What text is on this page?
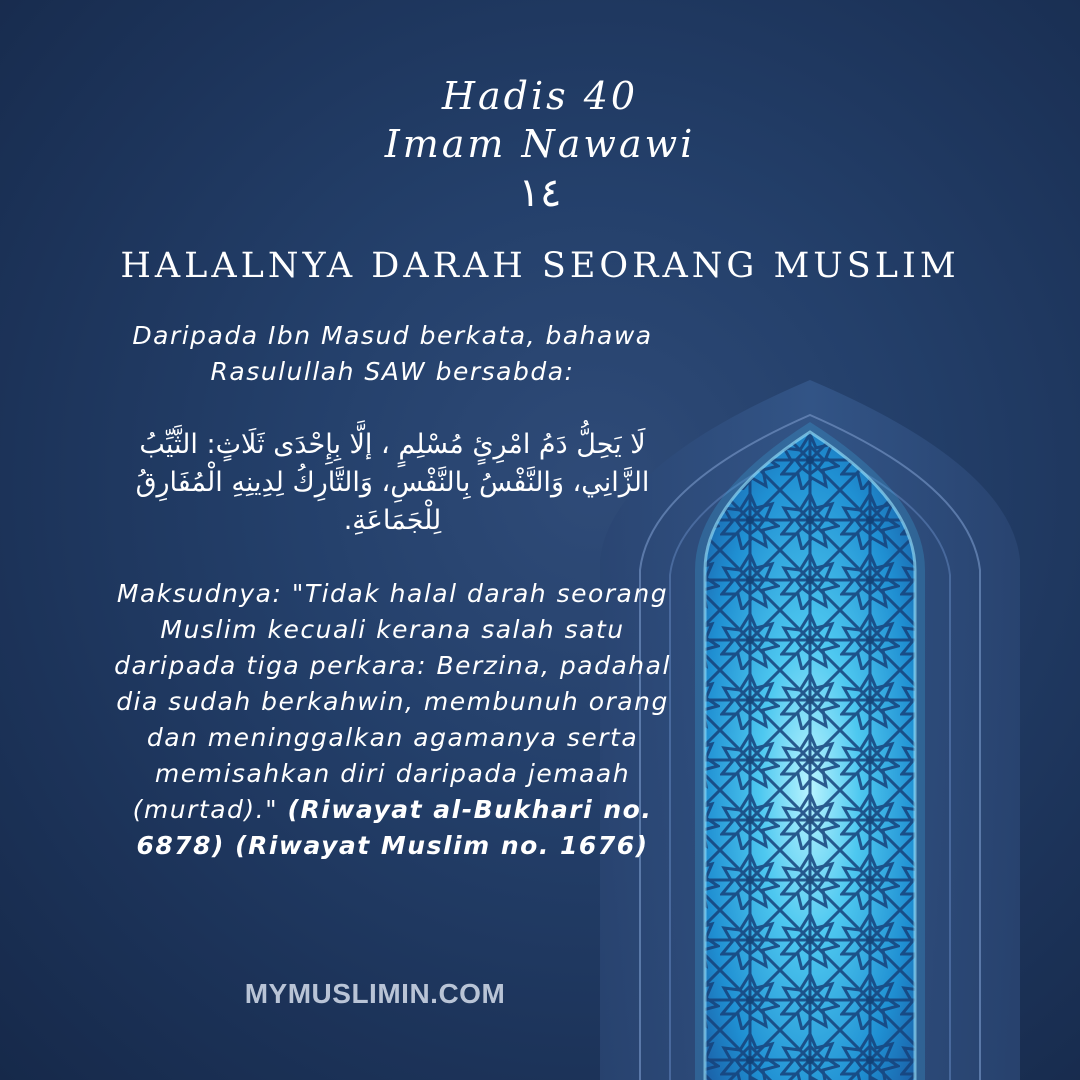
Hadis 40
Imam Nawawi
١٤
HALALNYA DARAH SEORANG MUSLIM
Daripada Ibn Masud berkata, bahawa Rasulullah SAW bersabda:
لَا يَحِلُّ دَمُ امْرِئٍ مُسْلِمٍ ، إلَّا بِإِحْدَى ثَلَاثٍ: الثَّيِّبُ الزَّانِي، وَالنَّفْسُ بِالنَّفْسِ، وَالتَّارِكُ لِدِينِهِ الْمُفَارِقُ لِلْجَمَاعَةِ.
Maksudnya: "Tidak halal darah seorang Muslim kecuali kerana salah satu daripada tiga perkara: Berzina, padahal dia sudah berkahwin, membunuh orang dan meninggalkan agamanya serta memisahkan diri daripada jemaah (murtad)." (Riwayat al-Bukhari no. 6878) (Riwayat Muslim no. 1676)
MYMUSLIMIN.COM
